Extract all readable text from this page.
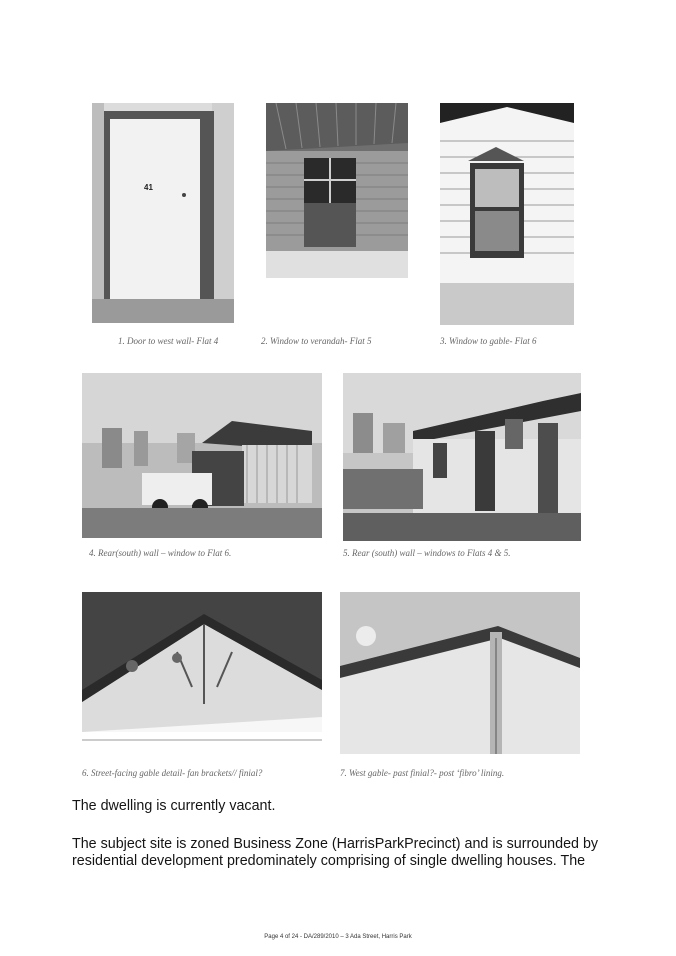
41
1. Door to west wall- Flat 4	2. Window to verandah- Flat 5	3. Window to gable- Flat 6
4. Rear(south) wall – window to Flat 6.	5. Rear (south) wall – windows to Flats 4 & 5.
6. Street-facing gable detail- fan brackets// finial?	7. West gable- past finial?- post ‘fibro’ lining.
The dwelling is currently vacant.
The subject site is zoned Business Zone (HarrisParkPrecinct) and is surrounded by
residential development predominately comprising of single dwelling houses. The
Page 4 of 24 - DA/289/2010 – 3 Ada Street, Harris Park
